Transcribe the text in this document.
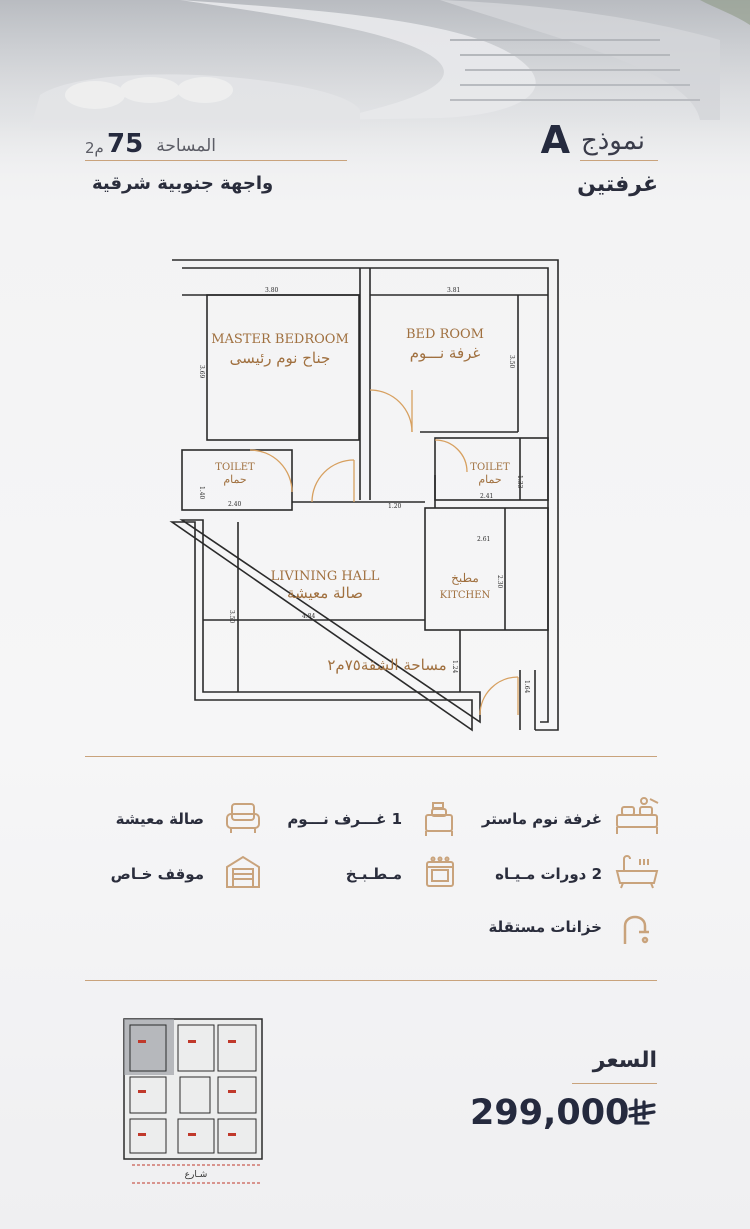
نموذج
A
غرفتين
المساحة
75
م2
واجهة جنوبية شرقية
MASTER BEDROOM
جناح نوم رئيسى
BED ROOM
غرفة نـــوم
TOILET
حمام
TOILET
حمام
LIVINING HALL
صالة معيشة
مطبخ
KITCHEN
مساحة الشقة٧٥م٢
3.80	3.81
3.69
3.50
1.40
2.40	1.20
2.41
1.33
2.61
2.30
3.50	4.84
1.24
1.64
غرفة نوم ماستر
1 غـــرف نـــوم
صالة معيشة
2 دورات مـيـاه
مـطـبـخ
موقف خـاص
خزانات مستقلة
شـارع
السعر
299,000
